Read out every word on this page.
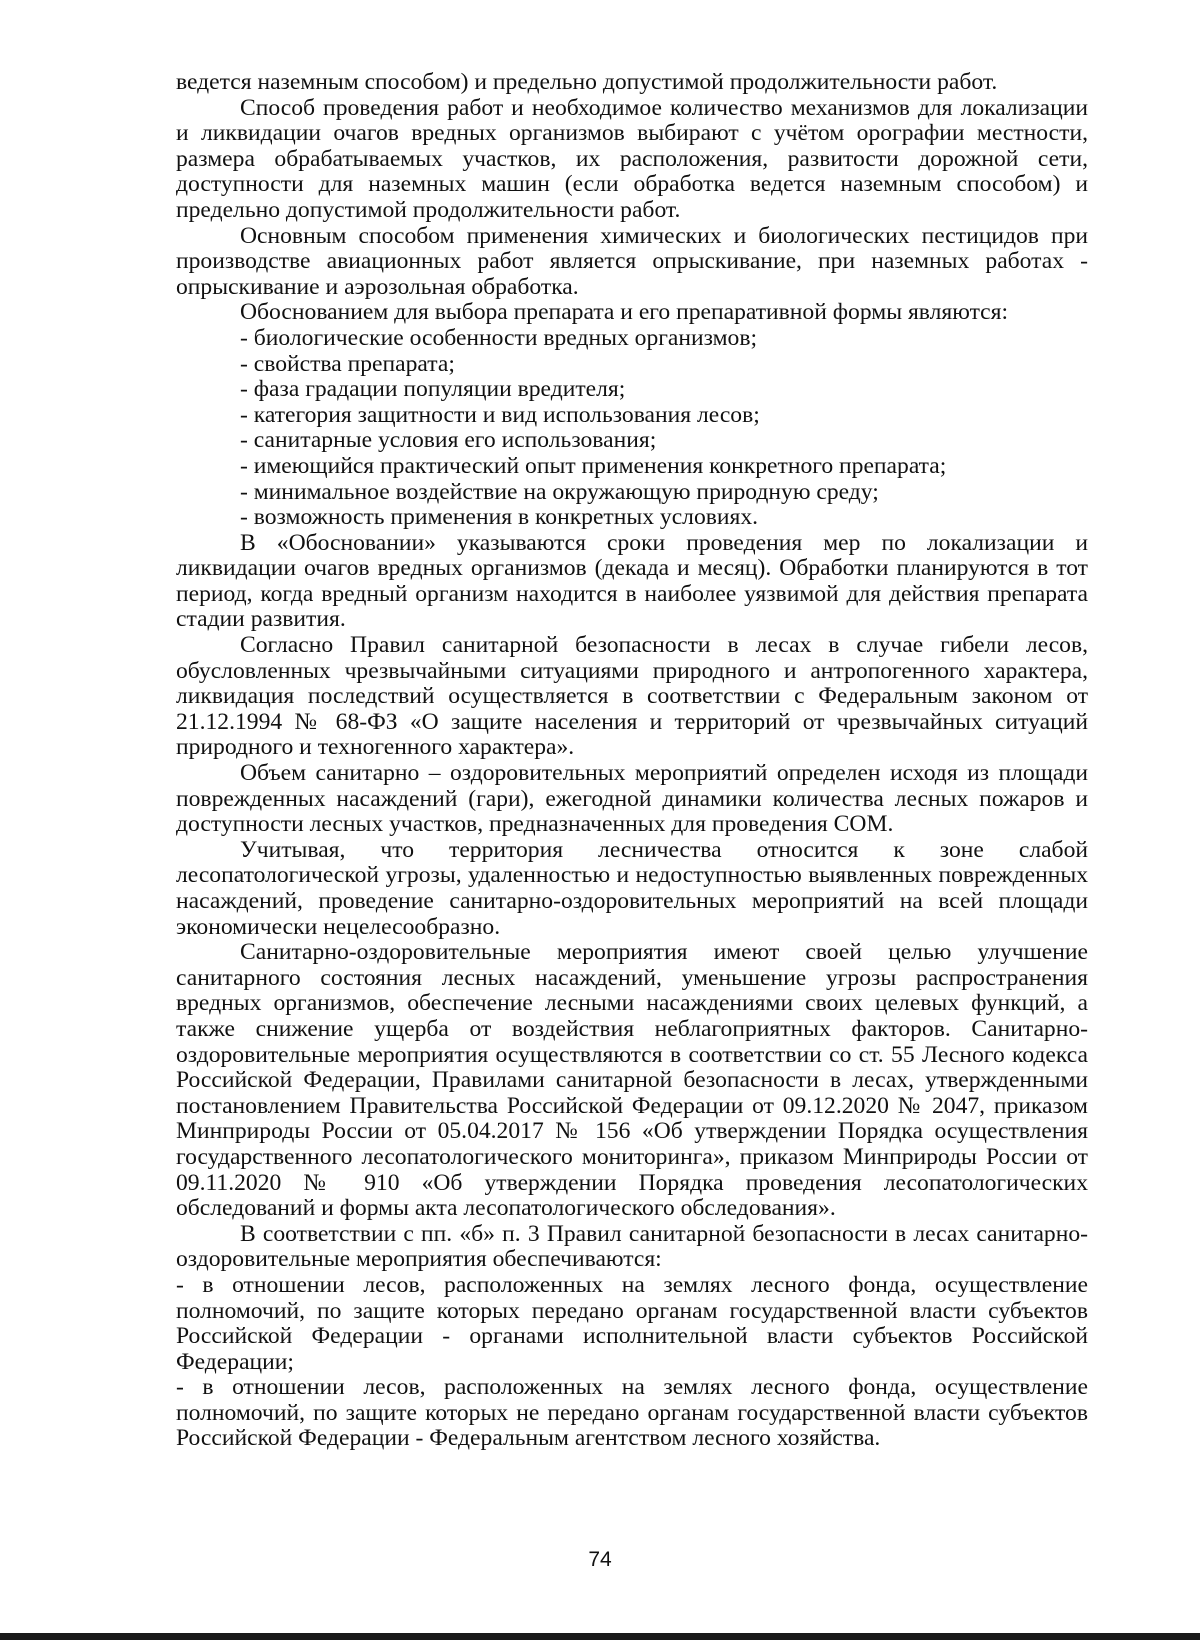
ведется наземным способом) и предельно допустимой продолжительности работ.

Способ проведения работ и необходимое количество механизмов для локализации и ликвидации очагов вредных организмов выбирают с учётом орографии местности, размера обрабатываемых участков, их расположения, развитости дорожной сети, доступности для наземных машин (если обработка ведется наземным способом) и предельно допустимой продолжительности работ.

Основным способом применения химических и биологических пестицидов при производстве авиационных работ является опрыскивание, при наземных работах - опрыскивание и аэрозольная обработка.

Обоснованием для выбора препарата и его препаративной формы являются:

- биологические особенности вредных организмов;

- свойства препарата;

- фаза градации популяции вредителя;

- категория защитности и вид использования лесов;

- санитарные условия его использования;

- имеющийся практический опыт применения конкретного препарата;

- минимальное воздействие на окружающую природную среду;

- возможность применения в конкретных условиях.

В «Обосновании» указываются сроки проведения мер по локализации и ликвидации очагов вредных организмов (декада и месяц). Обработки планируются в тот период, когда вредный организм находится в наиболее уязвимой для действия препарата стадии развития.

Согласно Правил санитарной безопасности в лесах в случае гибели лесов, обусловленных чрезвычайными ситуациями природного и антропогенного характера, ликвидация последствий осуществляется в соответствии с Федеральным законом от 21.12.1994 № 68-ФЗ «О защите населения и территорий от чрезвычайных ситуаций природного и техногенного характера».

Объем санитарно – оздоровительных мероприятий определен исходя из площади поврежденных насаждений (гари), ежегодной динамики количества лесных пожаров и доступности лесных участков, предназначенных для проведения СОМ.

Учитывая, что территория лесничества относится к зоне слабой лесопатологической угрозы, удаленностью и недоступностью выявленных поврежденных насаждений, проведение санитарно-оздоровительных мероприятий на всей площади экономически нецелесообразно.

Санитарно-оздоровительные мероприятия имеют своей целью улучшение санитарного состояния лесных насаждений, уменьшение угрозы распространения вредных организмов, обеспечение лесными насаждениями своих целевых функций, а также снижение ущерба от воздействия неблагоприятных факторов. Санитарно-оздоровительные мероприятия осуществляются в соответствии со ст. 55 Лесного кодекса Российской Федерации, Правилами санитарной безопасности в лесах, утвержденными постановлением Правительства Российской Федерации от 09.12.2020 № 2047, приказом Минприроды России от 05.04.2017 № 156 «Об утверждении Порядка осуществления государственного лесопатологического мониторинга», приказом Минприроды России от 09.11.2020 № 910 «Об утверждении Порядка проведения лесопатологических обследований и формы акта лесопатологического обследования».

В соответствии с пп. «б» п. 3 Правил санитарной безопасности в лесах санитарно-оздоровительные мероприятия обеспечиваются:

- в отношении лесов, расположенных на землях лесного фонда, осуществление полномочий, по защите которых передано органам государственной власти субъектов Российской Федерации - органами исполнительной власти субъектов Российской Федерации;

- в отношении лесов, расположенных на землях лесного фонда, осуществление полномочий, по защите которых не передано органам государственной власти субъектов Российской Федерации - Федеральным агентством лесного хозяйства.

74
